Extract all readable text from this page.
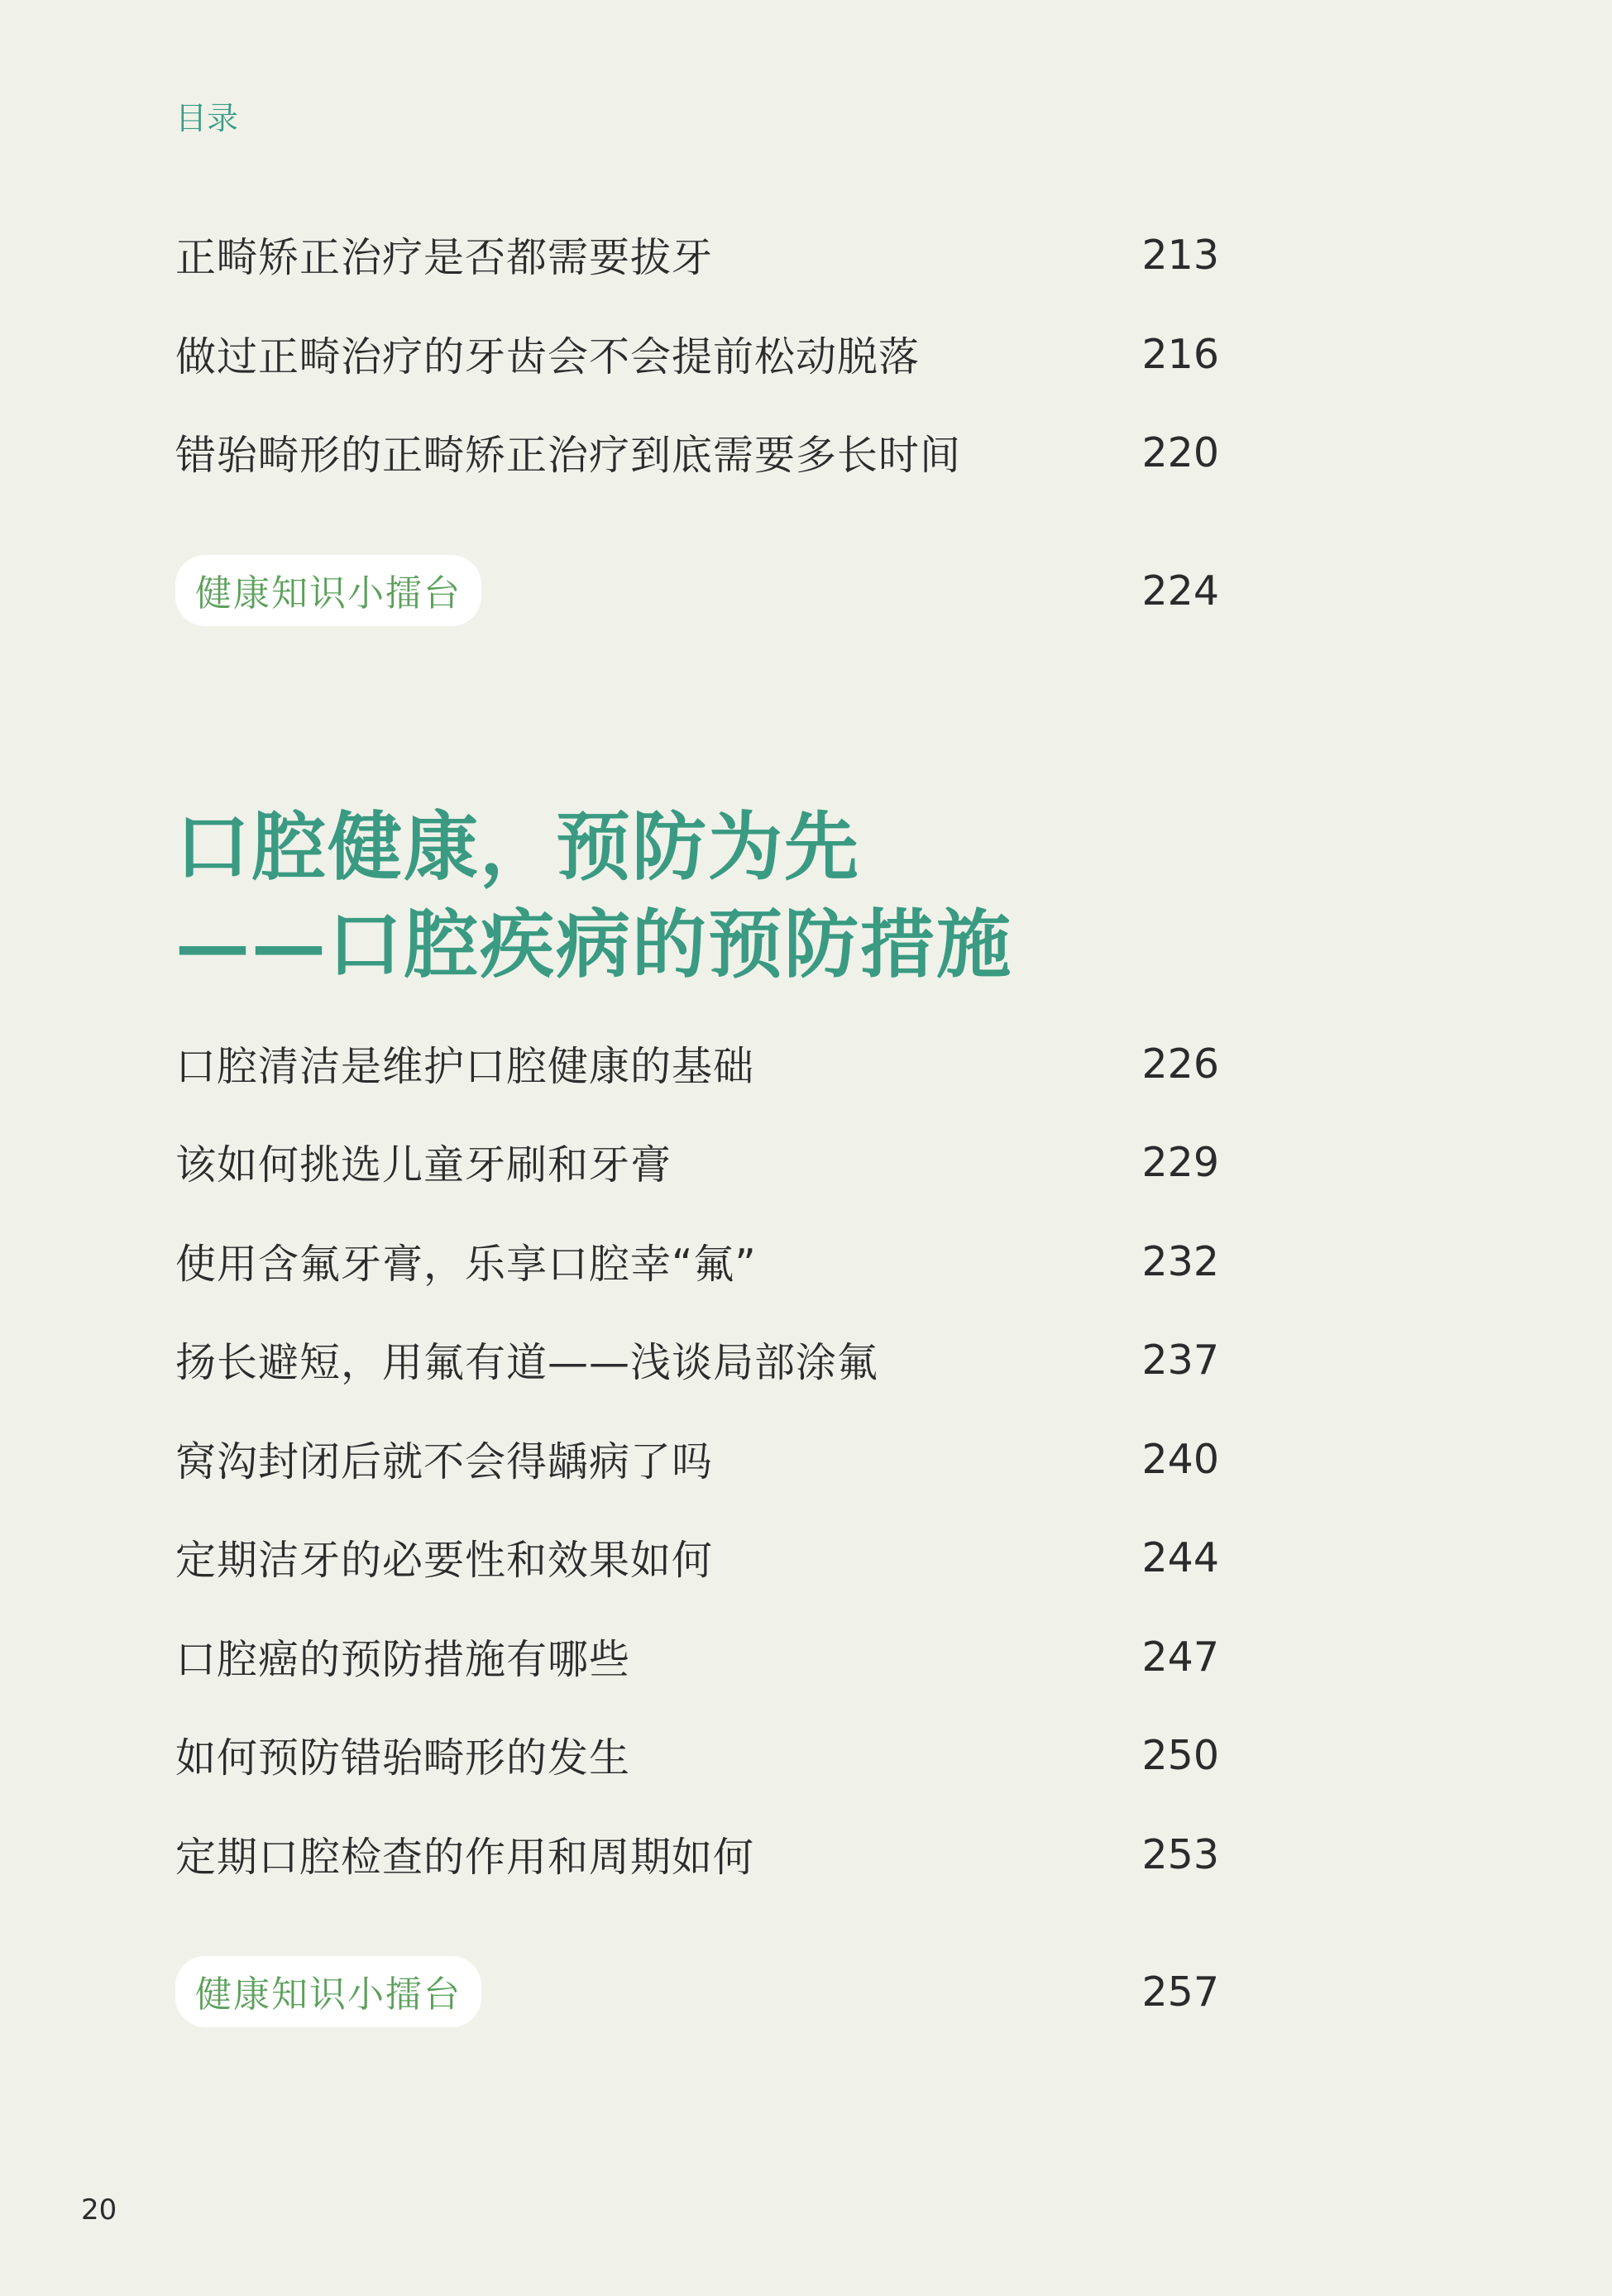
目录
正畸矫正治疗是否都需要拔牙	213
做过正畸治疗的牙齿会不会提前松动脱落	216
错骀畸形的正畸矫正治疗到底需要多长时间	220
健康知识小擂台	224
口腔健康，预防为先
——口腔疾病的预防措施
口腔清洁是维护口腔健康的基础	226
该如何挑选儿童牙刷和牙膏	229
使用含氟牙膏，乐享口腔幸“氟”	232
扬长避短，用氟有道——浅谈局部涂氟	237
窝沟封闭后就不会得龋病了吗	240
定期洁牙的必要性和效果如何	244
口腔癌的预防措施有哪些	247
如何预防错骀畸形的发生	250
定期口腔检查的作用和周期如何	253
健康知识小擂台	257
20
